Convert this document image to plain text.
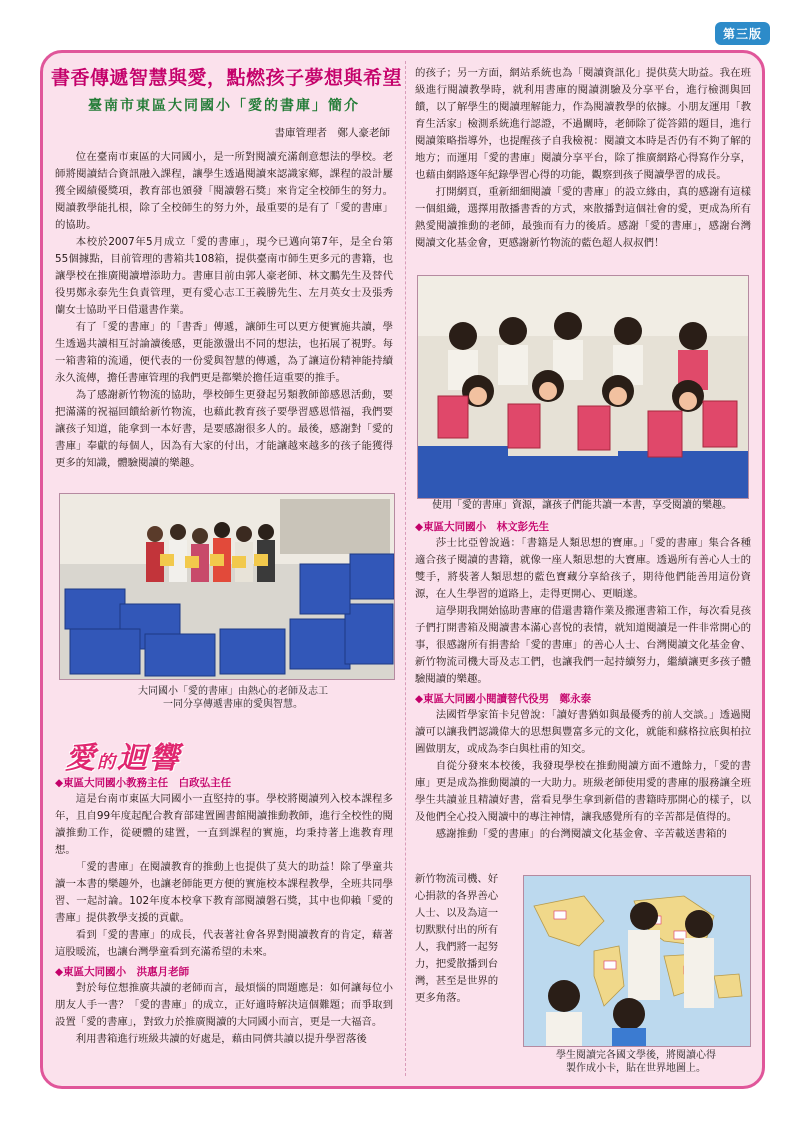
第三版
書香傳遞智慧與愛，點燃孩子夢想與希望
臺南市東區大同國小「愛的書庫」簡介
書庫管理者　鄭人豪老師

位在臺南市東區的大同國小，是一所對閱讀充滿創意想法的學校。老師將閱讀結合資訊融入課程，讓學生透過閱讀來認識家鄉，課程的設計屢獲全國績優獎項，教育部也頒發「閱讀磐石獎」來肯定全校師生的努力。閱讀教學能扎根，除了全校師生的努力外，最重要的是有了「愛的書庫」的協助。

本校於2007年5月成立「愛的書庫」，現今已邁向第7年，是全台第55個據點，目前管理的書箱共108箱，提供臺南市師生更多元的書籍，也讓學校在推廣閱讀增添助力。書庫目前由郭人豪老師、林文鵬先生及替代役男鄭永泰先生負責管理，更有愛心志工王義勝先生、左月英女士及張秀蘭女士協助平日借還書作業。

有了「愛的書庫」的「書香」傳遞，讓師生可以更方便實施共讀，學生透過共讀相互討論讀後感，更能激盪出不同的想法，也拓展了視野。每一箱書箱的流通，便代表的一份愛與智慧的傳遞，為了讓這份精神能持續永久流傳，擔任書庫管理的我們更是都樂於擔任這重要的推手。

為了感謝新竹物流的協助，學校師生更發起另類教師節感恩活動，要把滿滿的祝福回饋給新竹物流，也藉此教育孩子要學習感恩惜福，我們要讓孩子知道，能拿到一本好書，是要感謝很多人的。最後，感謝對「愛的書庫」奉獻的每個人，因為有大家的付出，才能讓越來越多的孩子能獲得更多的知識，體驗閱讀的樂趣。

大同國小「愛的書庫」由熱心的老師及志工
一同分享傳遞書庫的愛與智慧。
愛的迴響
◆東區大同國小教務主任　白政弘主任

這是台南市東區大同國小一直堅持的事。學校將閱讀列入校本課程多年，且自99年度起配合教育部建置圖書館閱讀推動教師，進行全校性的閱讀推動工作，從硬體的建置，一直到課程的實施，均秉持著上進教育理想。

「愛的書庫」在閱讀教育的推動上也提供了莫大的助益！除了學童共讀一本書的樂趣外，也讓老師能更方便的實施校本課程教學，全班共同學習、一起討論。102年度本校拿下教育部閱讀磐石獎，其中也仰賴「愛的書庫」提供教學支援的貢獻。

看到「愛的書庫」的成長，代表著社會各界對閱讀教育的肯定，藉著這股暖流，也讓台灣學童看到充滿希望的未來。

◆東區大同國小　洪惠月老師

對於每位想推廣共讀的老師而言，最煩惱的問題應是：如何讓每位小朋友人手一書？「愛的書庫」的成立，正好適時解決這個難題；而爭取到設置「愛的書庫」，對致力於推廣閱讀的大同國小而言，更是一大福音。

利用書箱進行班級共讀的好處是，藉由同儕共讀以提升學習落後

的孩子；另一方面，網站系統也為「閱讀資訊化」提供莫大助益。我在班級進行閱讀教學時，就利用書庫的閱讀測驗及分享平台，進行檢測與回饋，以了解學生的閱讀理解能力，作為閱讀教學的依據。小朋友運用「教育生活家」檢測系統進行認證，不過關時，老師除了從答錯的題目，進行閱讀策略指導外，也提醒孩子自我檢視：閱讀文本時是否仍有不夠了解的地方；而運用「愛的書庫」閱讀分享平台，除了推廣網路心得寫作分享，也藉由網路逐年紀錄學習心得的功能，觀察到孩子閱讀學習的成長。

打開網頁，重新細細閱讀「愛的書庫」的設立緣由，真的感謝有這樣一個組織，選擇用散播書香的方式，來散播對這個社會的愛，更成為所有熱愛閱讀推動的老師，最強而有力的後盾。感謝「愛的書庫」，感謝台灣閱讀文化基金會，更感謝新竹物流的藍色超人叔叔們！

使用「愛的書庫」資源，讓孩子們能共讀一本書，享受閱讀的樂趣。
◆東區大同國小　林文彭先生

莎士比亞曾說過：「書籍是人類思想的寶庫。」「愛的書庫」集合各種適合孩子閱讀的書籍，就像一座人類思想的大寶庫。透過所有善心人士的雙手，將裝著人類思想的藍色寶藏分享給孩子，期待他們能善用這份資源，在人生學習的道路上，走得更開心、更順遂。

這學期我開始協助書庫的借還書籍作業及搬運書箱工作，每次看見孩子們打開書箱及閱讀書本滿心喜悅的表情，就知道閱讀是一件非常開心的事，很感謝所有捐書給「愛的書庫」的善心人士、台灣閱讀文化基金會、新竹物流司機大哥及志工們，也讓我們一起持續努力，繼續讓更多孩子體驗閱讀的樂趣。

◆東區大同國小閱讀替代役男　鄭永泰

法國哲學家笛卡兒曾說：「讀好書猶如與最優秀的前人交談。」透過閱讀可以讓我們認識偉大的思想與豐富多元的文化，就能和蘇格拉底與柏拉圖做朋友，或成為李白與杜甫的知交。

自從分發來本校後，我發現學校在推動閱讀方面不遺餘力，「愛的書庫」更是成為推動閱讀的一大助力。班級老師使用愛的書庫的服務讓全班學生共讀並且精讀好書，當看見學生拿到新借的書籍時那開心的樣子，以及他們全心投入閱讀中的專注神情，讓我感覺所有的辛苦都是值得的。

感謝推動「愛的書庫」的台灣閱讀文化基金會、辛苦載送書箱的

新竹物流司機、好
心捐款的各界善心
人士、以及為這一
切默默付出的所有
人，我們將一起努
力，把愛散播到台
灣，甚至是世界的
更多角落。
學生閱讀完各國文學後，將閱讀心得
製作成小卡，貼在世界地圖上。
